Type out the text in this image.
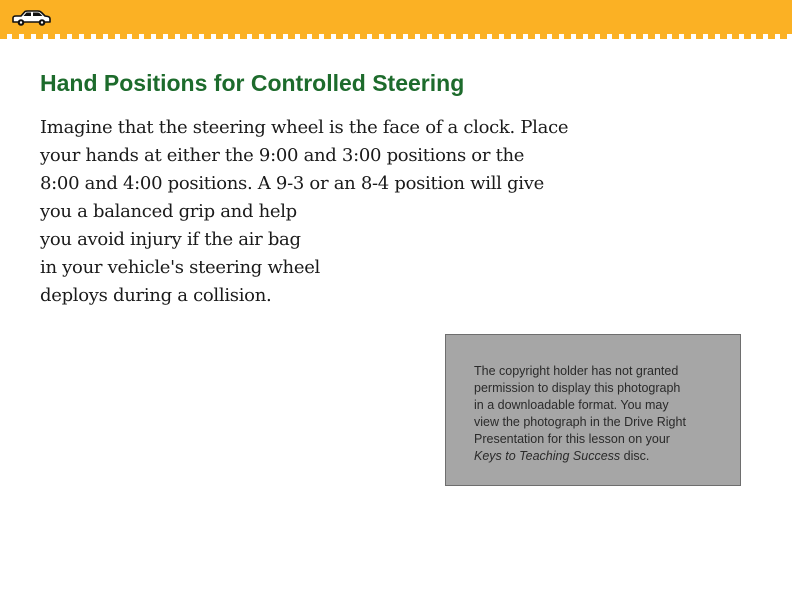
Hand Positions for Controlled Steering
Imagine that the steering wheel is the face of a clock. Place
your hands at either the 9:00 and 3:00 positions or the
8:00 and 4:00 positions. A 9-3 or an 8-4 position will give
you a balanced grip and help
you avoid injury if the air bag
in your vehicle's steering wheel
deploys during a collision.
The copyright holder has not granted
permission to display this photograph
in a downloadable format. You may
view the photograph in the Drive Right
Presentation for this lesson on your
Keys to Teaching Success disc.
